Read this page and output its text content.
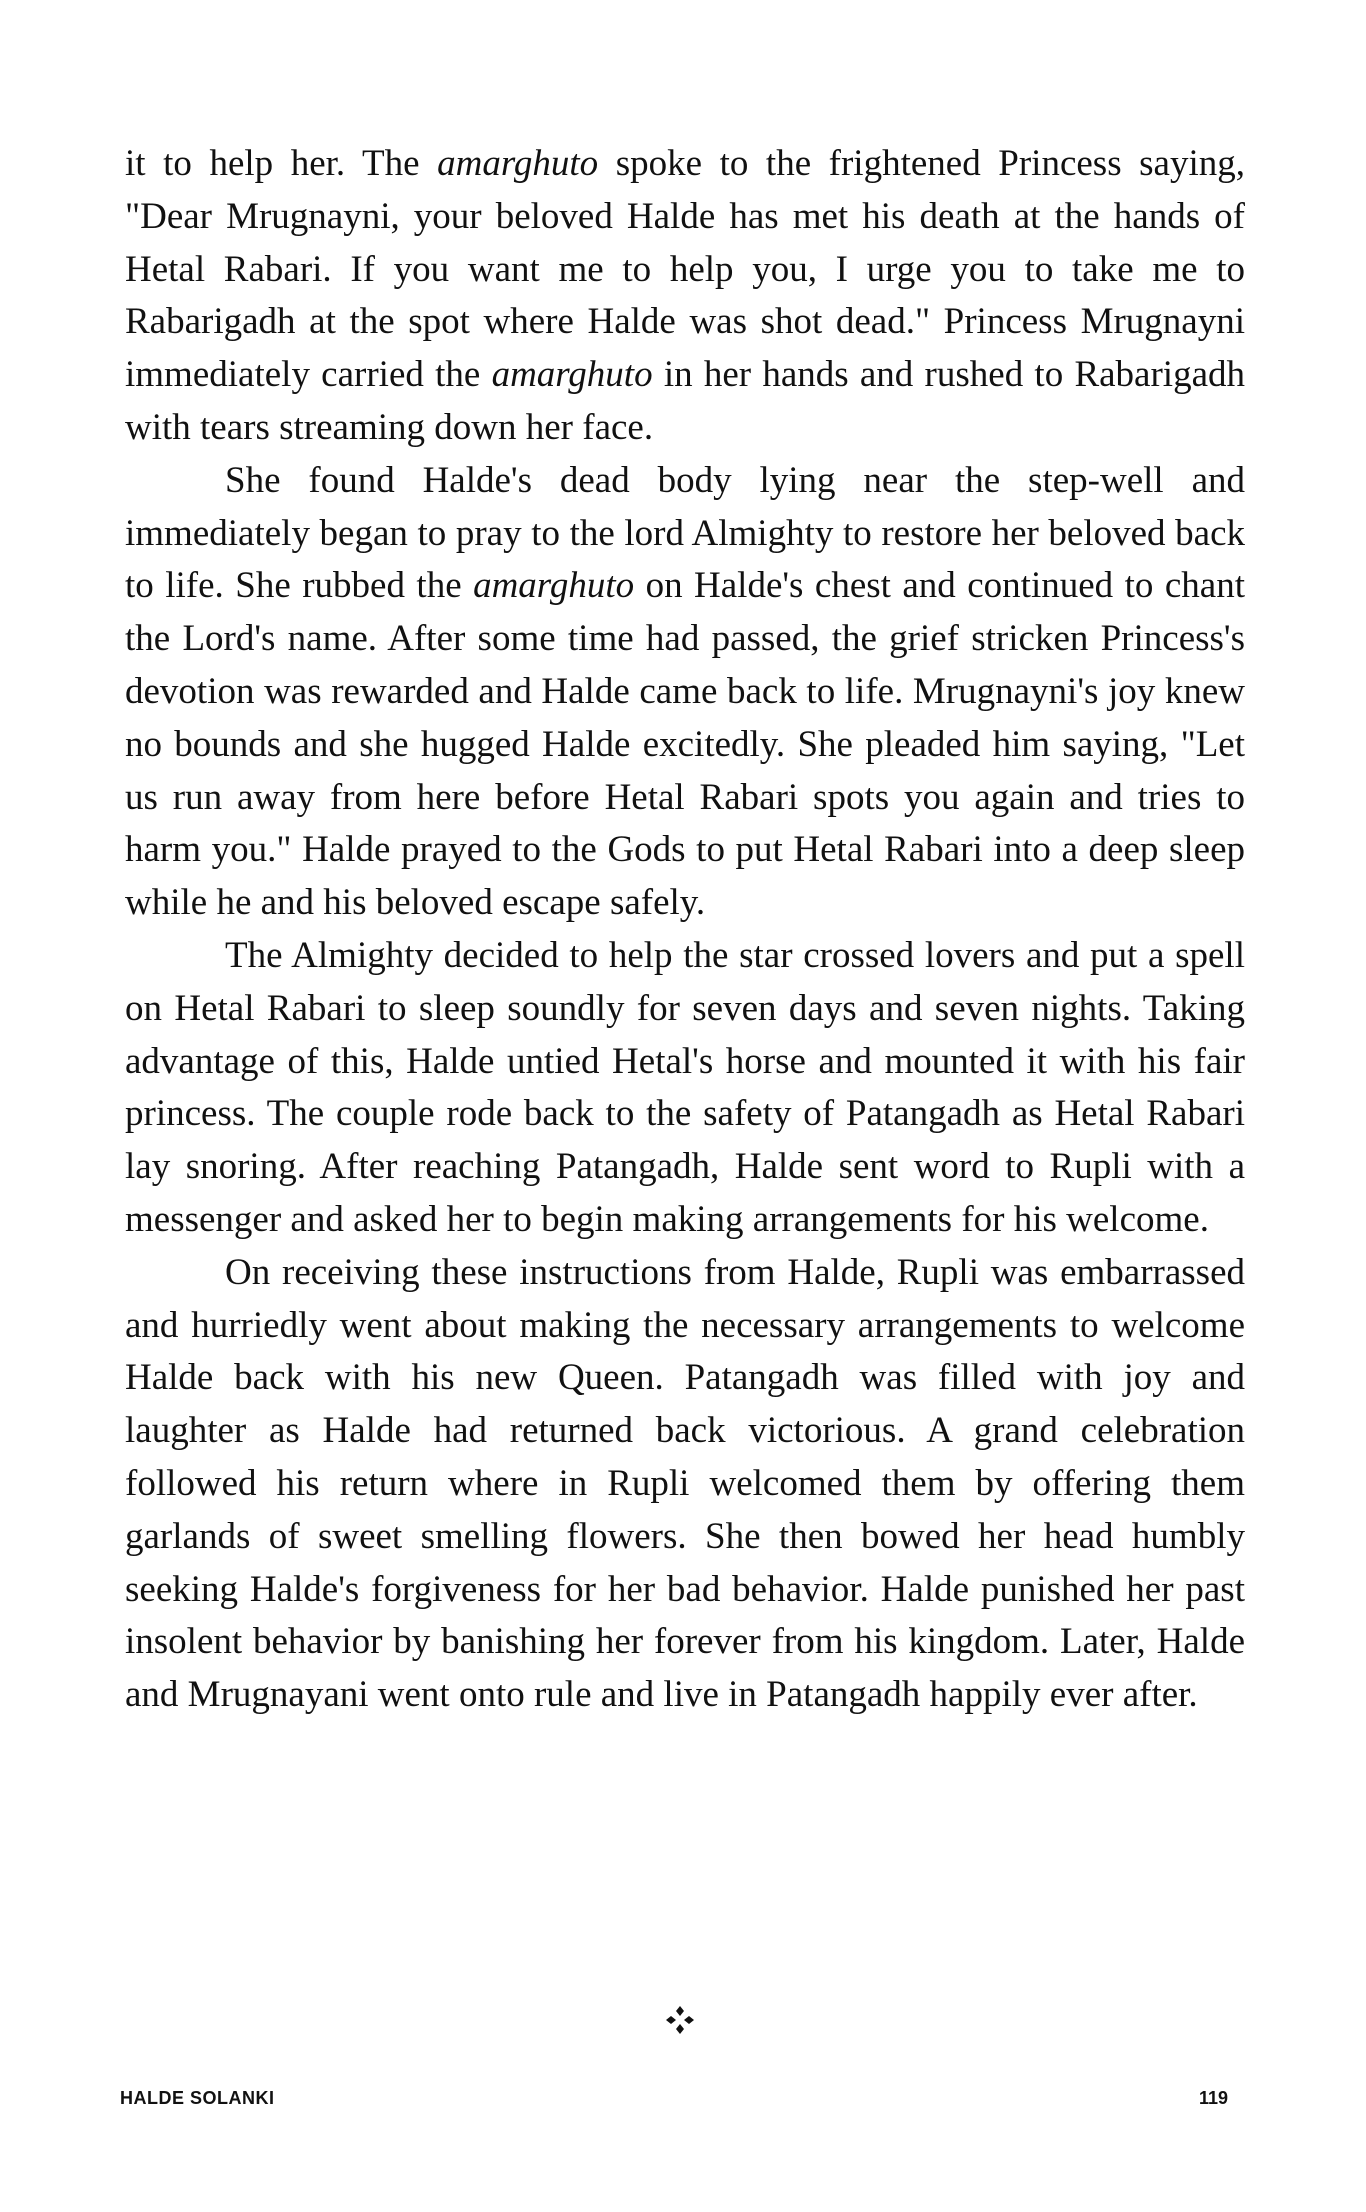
it to help her. The amarghuto spoke to the frightened Princess saying, "Dear Mrugnayni, your beloved Halde has met his death at the hands of Hetal Rabari. If you want me to help you, I urge you to take me to Rabarigadh at the spot where Halde was shot dead." Princess Mrugnayni immediately carried the amarghuto in her hands and rushed to Rabarigadh with tears streaming down her face.

She found Halde's dead body lying near the step-well and immediately began to pray to the lord Almighty to restore her beloved back to life. She rubbed the amarghuto on Halde's chest and continued to chant the Lord's name. After some time had passed, the grief stricken Princess's devotion was rewarded and Halde came back to life. Mrugnayni's joy knew no bounds and she hugged Halde excitedly. She pleaded him saying, "Let us run away from here before Hetal Rabari spots you again and tries to harm you." Halde prayed to the Gods to put Hetal Rabari into a deep sleep while he and his beloved escape safely.

The Almighty decided to help the star crossed lovers and put a spell on Hetal Rabari to sleep soundly for seven days and seven nights. Taking advantage of this, Halde untied Hetal's horse and mounted it with his fair princess. The couple rode back to the safety of Patangadh as Hetal Rabari lay snoring. After reaching Patangadh, Halde sent word to Rupli with a messenger and asked her to begin making arrangements for his welcome.

On receiving these instructions from Halde, Rupli was embarrassed and hurriedly went about making the necessary arrangements to welcome Halde back with his new Queen. Patangadh was filled with joy and laughter as Halde had returned back victorious. A grand celebration followed his return where in Rupli welcomed them by offering them garlands of sweet smelling flowers. She then bowed her head humbly seeking Halde's forgiveness for her bad behavior. Halde punished her past insolent behavior by banishing her forever from his kingdom. Later, Halde and Mrugnayani went onto rule and live in Patangadh happily ever after.

HALDE SOLANKI	119
